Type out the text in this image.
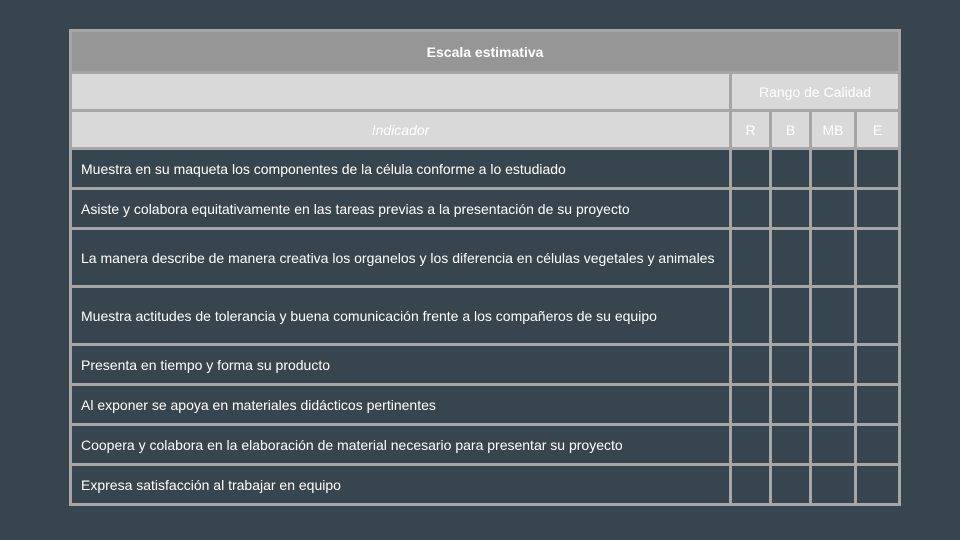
Escala estimativa				
	Rango de Calidad			
Indicador	R	B	MB	E
Muestra en su maqueta los componentes de la célula conforme a lo estudiado				
Asiste y colabora equitativamente en las tareas previas a la presentación de su proyecto				
La manera describe de manera creativa los organelos y los diferencia en células vegetales y animales				
Muestra actitudes de tolerancia y buena comunicación frente a los compañeros de su equipo				
Presenta en tiempo y forma su producto				
Al exponer se apoya en materiales didácticos pertinentes				
Coopera y colabora en la elaboración de material necesario para presentar su proyecto				
Expresa satisfacción al trabajar en equipo				
